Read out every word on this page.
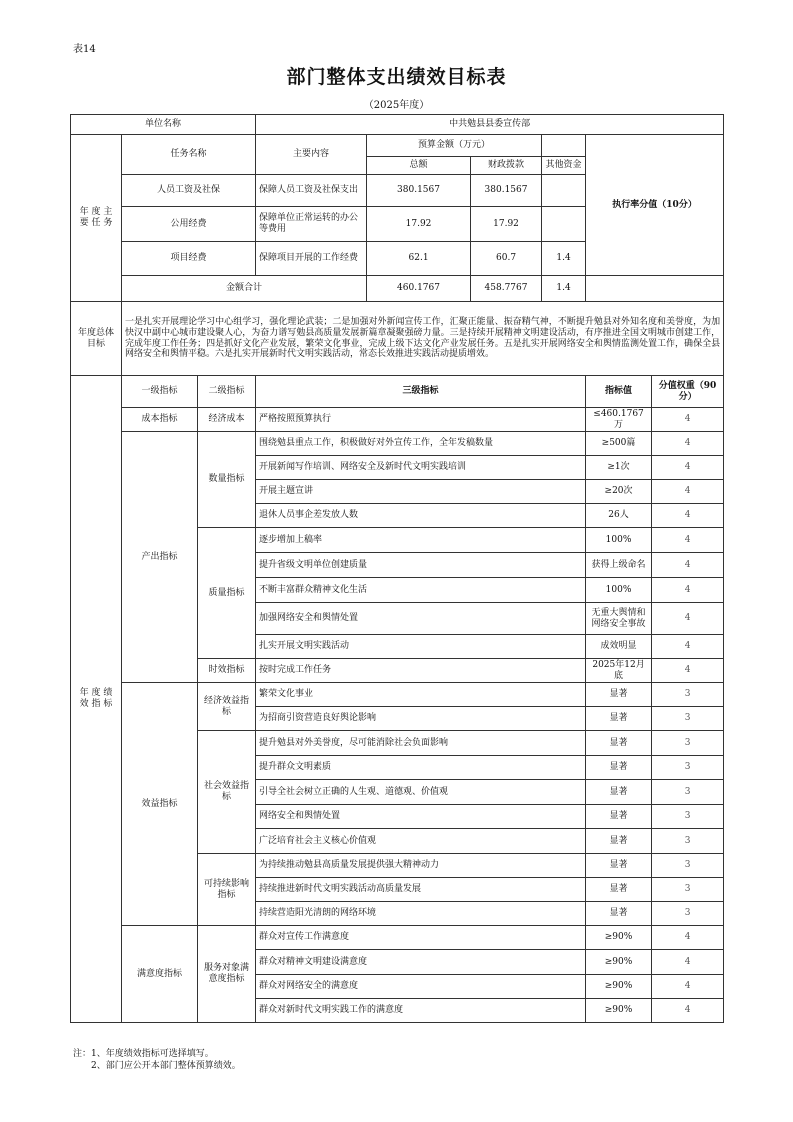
表14
部门整体支出绩效目标表
（2025年度）
单位名称			中共勉县县委宣传部					
年 度 主 要 任 务	任务名称		主要内容	预算金额（万元）			执行率分值（10分）	
				总额	财政拨款	其他资金		
	人员工资及社保		保障人员工资及社保支出	380.1567	380.1567			
	公用经费		保障单位正常运转的办公等费用	17.92	17.92			
	项目经费		保障项目开展的工作经费	62.1	60.7	1.4		
	金额合计			460.1767	458.7767	1.4		
年度总体目标	一是扎实开展理论学习中心组学习，强化理论武装；二是加强对外新闻宣传工作，汇聚正能量、振奋精气神，不断提升勉县对外知名度和美誉度，为加快汉中副中心城市建设聚人心，为奋力谱写勉县高质量发展新篇章凝聚强磅力量。三是持续开展精神文明建设活动，有序推进全国文明城市创建工作，完成年度工作任务；四是抓好文化产业发展，繁荣文化事业，完成上级下达文化产业发展任务。五是扎实开展网络安全和舆情监测处置工作，确保全县网络安全和舆情平稳。六是扎实开展新时代文明实践活动，常态长效推进实践活动提质增效。							
年 度 绩 效 指 标	一级指标	二级指标	三级指标				指标值	分值权重（90分）
	成本指标	经济成本	严格按照预算执行				≤460.1767万	4
	产出指标	数量指标	围绕勉县重点工作，积极做好对外宣传工作，全年发稿数量				≥500篇	4
			开展新闻写作培训、网络安全及新时代文明实践培训				≥1次	4
			开展主题宣讲				≥20次	4
			退休人员事企差发放人数				26人	4
		质量指标	逐步增加上稿率				100%	4
			提升省级文明单位创建质量				获得上级命名	4
			不断丰富群众精神文化生活				100%	4
			加强网络安全和舆情处置				无重大舆情和网络安全事故	4
			扎实开展文明实践活动				成效明显	4
		时效指标	按时完成工作任务				2025年12月底	4
	效益指标	经济效益指标	繁荣文化事业				显著	3
			为招商引资营造良好舆论影响				显著	3
		社会效益指标	提升勉县对外美誉度，尽可能消除社会负面影响				显著	3
			提升群众文明素质				显著	3
			引导全社会树立正确的人生观、道德观、价值观				显著	3
			网络安全和舆情处置				显著	3
			广泛培育社会主义核心价值观				显著	3
		可持续影响指标	为持续推动勉县高质量发展提供强大精神动力				显著	3
			持续推进新时代文明实践活动高质量发展				显著	3
			持续营造阳光清朗的网络环境				显著	3
	满意度指标	服务对象满意度指标	群众对宣传工作满意度				≥90%	4
			群众对精神文明建设满意度				≥90%	4
			群众对网络安全的满意度				≥90%	4
			群众对新时代文明实践工作的满意度				≥90%	4
注：1、年度绩效指标可选择填写。
2、部门应公开本部门整体预算绩效。
